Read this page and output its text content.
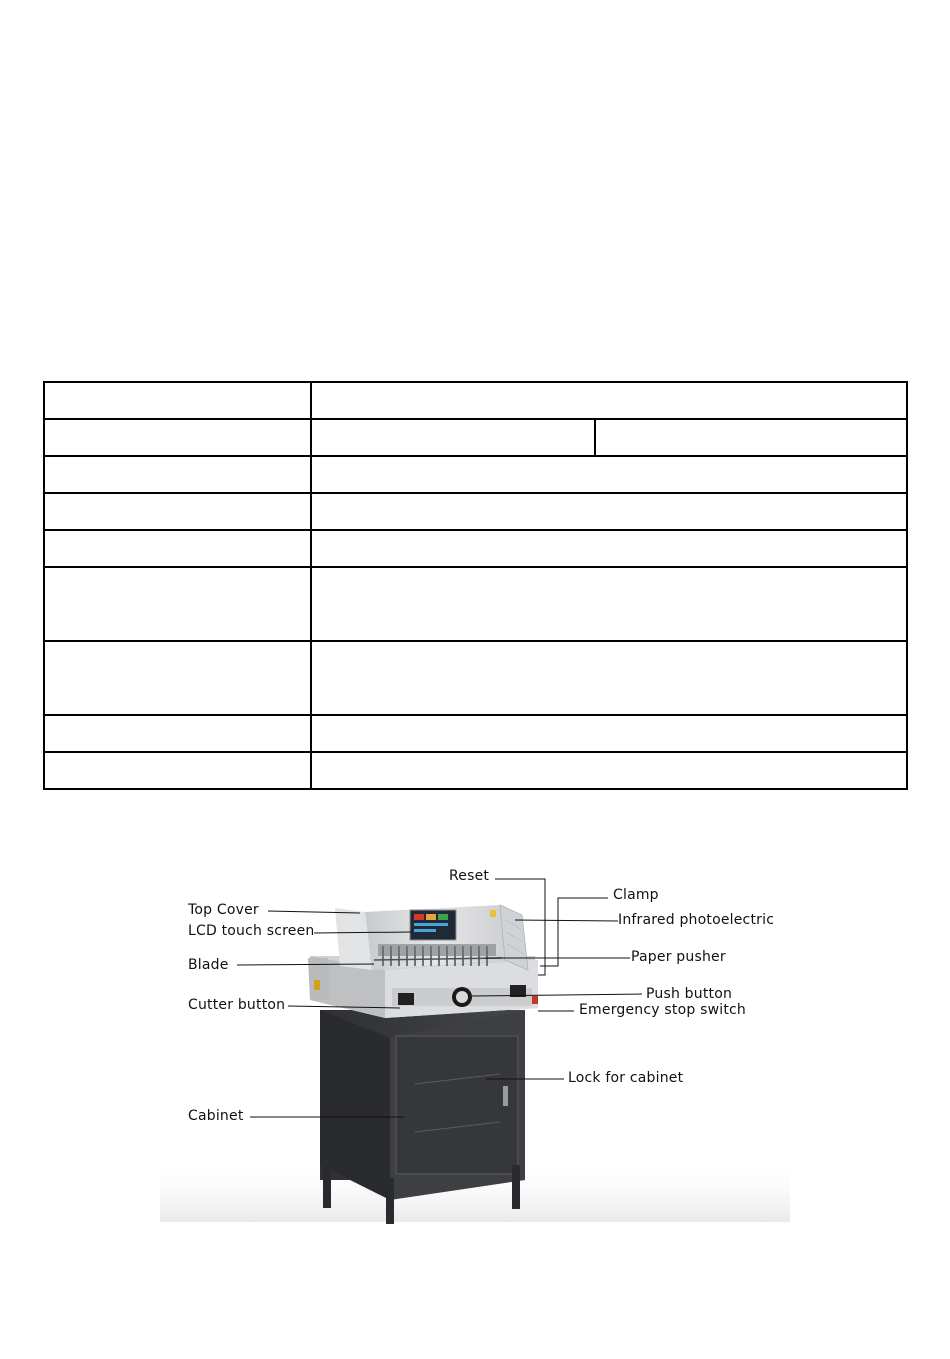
Reset
Clamp
Top Cover
Infrared photoelectric
LCD touch screen
Blade	Paper pusher
Push button
Cutter button	Emergency stop switch
Lock for cabinet
Cabinet
